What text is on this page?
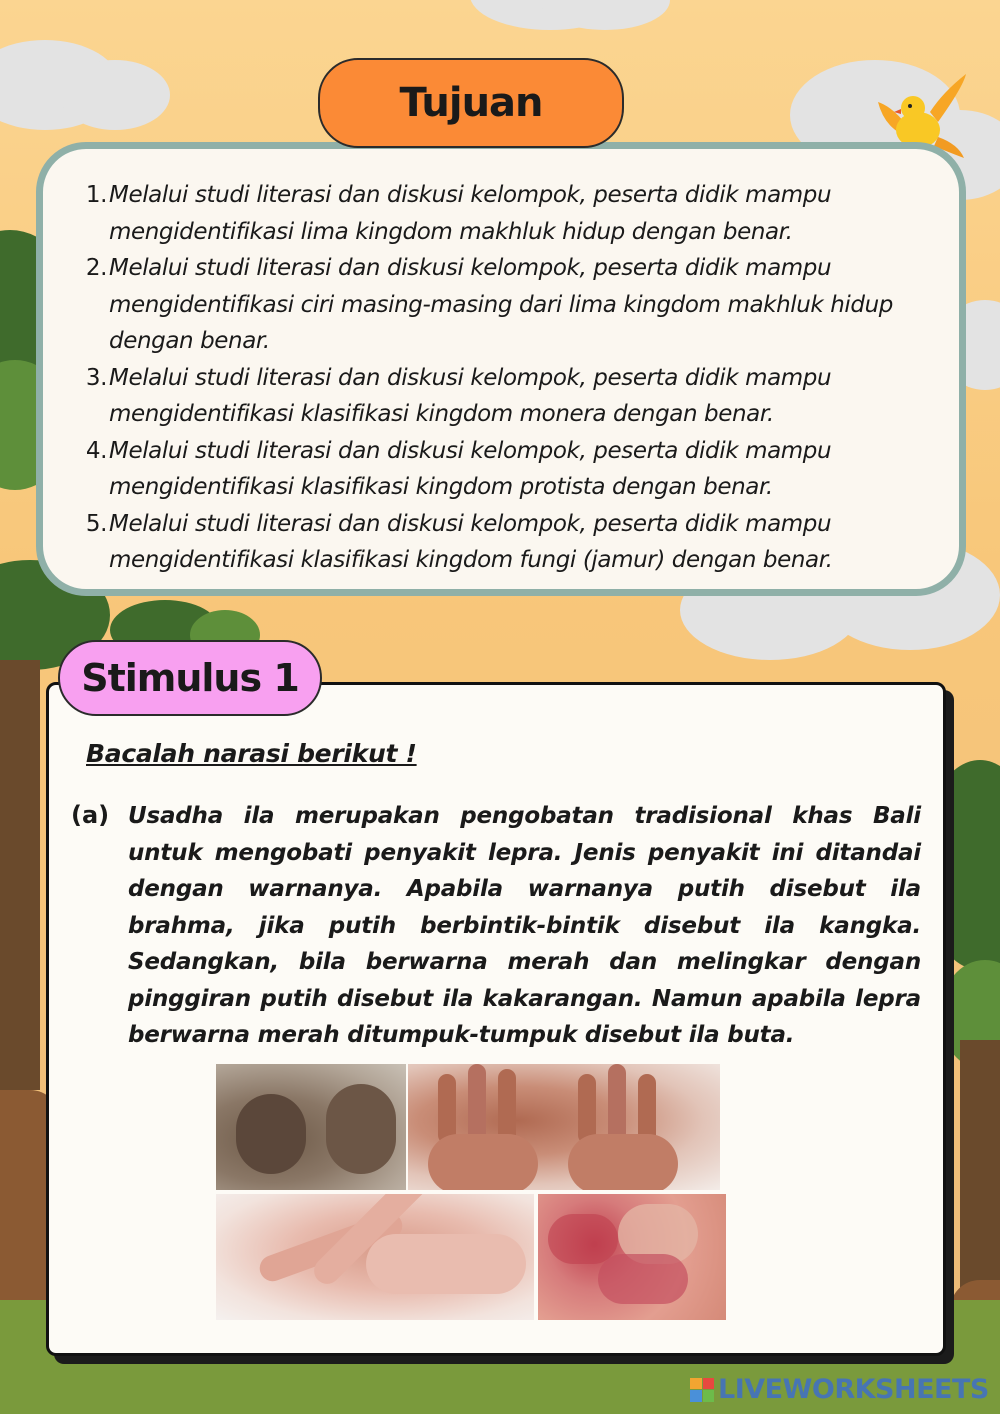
1. Melalui studi literasi dan diskusi kelompok, peserta didik mampu mengidentifikasi lima kingdom makhluk hidup dengan benar.
2. Melalui studi literasi dan diskusi kelompok, peserta didik mampu mengidentifikasi ciri masing-masing dari lima kingdom makhluk hidup dengan benar.
3. Melalui studi literasi dan diskusi kelompok, peserta didik mampu mengidentifikasi klasifikasi kingdom monera dengan benar.
4. Melalui studi literasi dan diskusi kelompok, peserta didik mampu mengidentifikasi klasifikasi kingdom protista dengan benar.
5. Melalui studi literasi dan diskusi kelompok, peserta didik mampu mengidentifikasi klasifikasi kingdom fungi (jamur) dengan benar.
Tujuan
Bacalah narasi berikut !
(a) Usadha ila merupakan pengobatan tradisional khas Bali untuk mengobati penyakit lepra. Jenis penyakit ini ditandai dengan warnanya. Apabila warnanya putih disebut ila brahma, jika putih berbintik-bintik disebut ila kangka. Sedangkan, bila berwarna merah dan melingkar dengan pinggiran putih disebut ila kakarangan. Namun apabila lepra berwarna merah ditumpuk-tumpuk disebut ila buta.
Stimulus 1
LIVEWORKSHEETS
